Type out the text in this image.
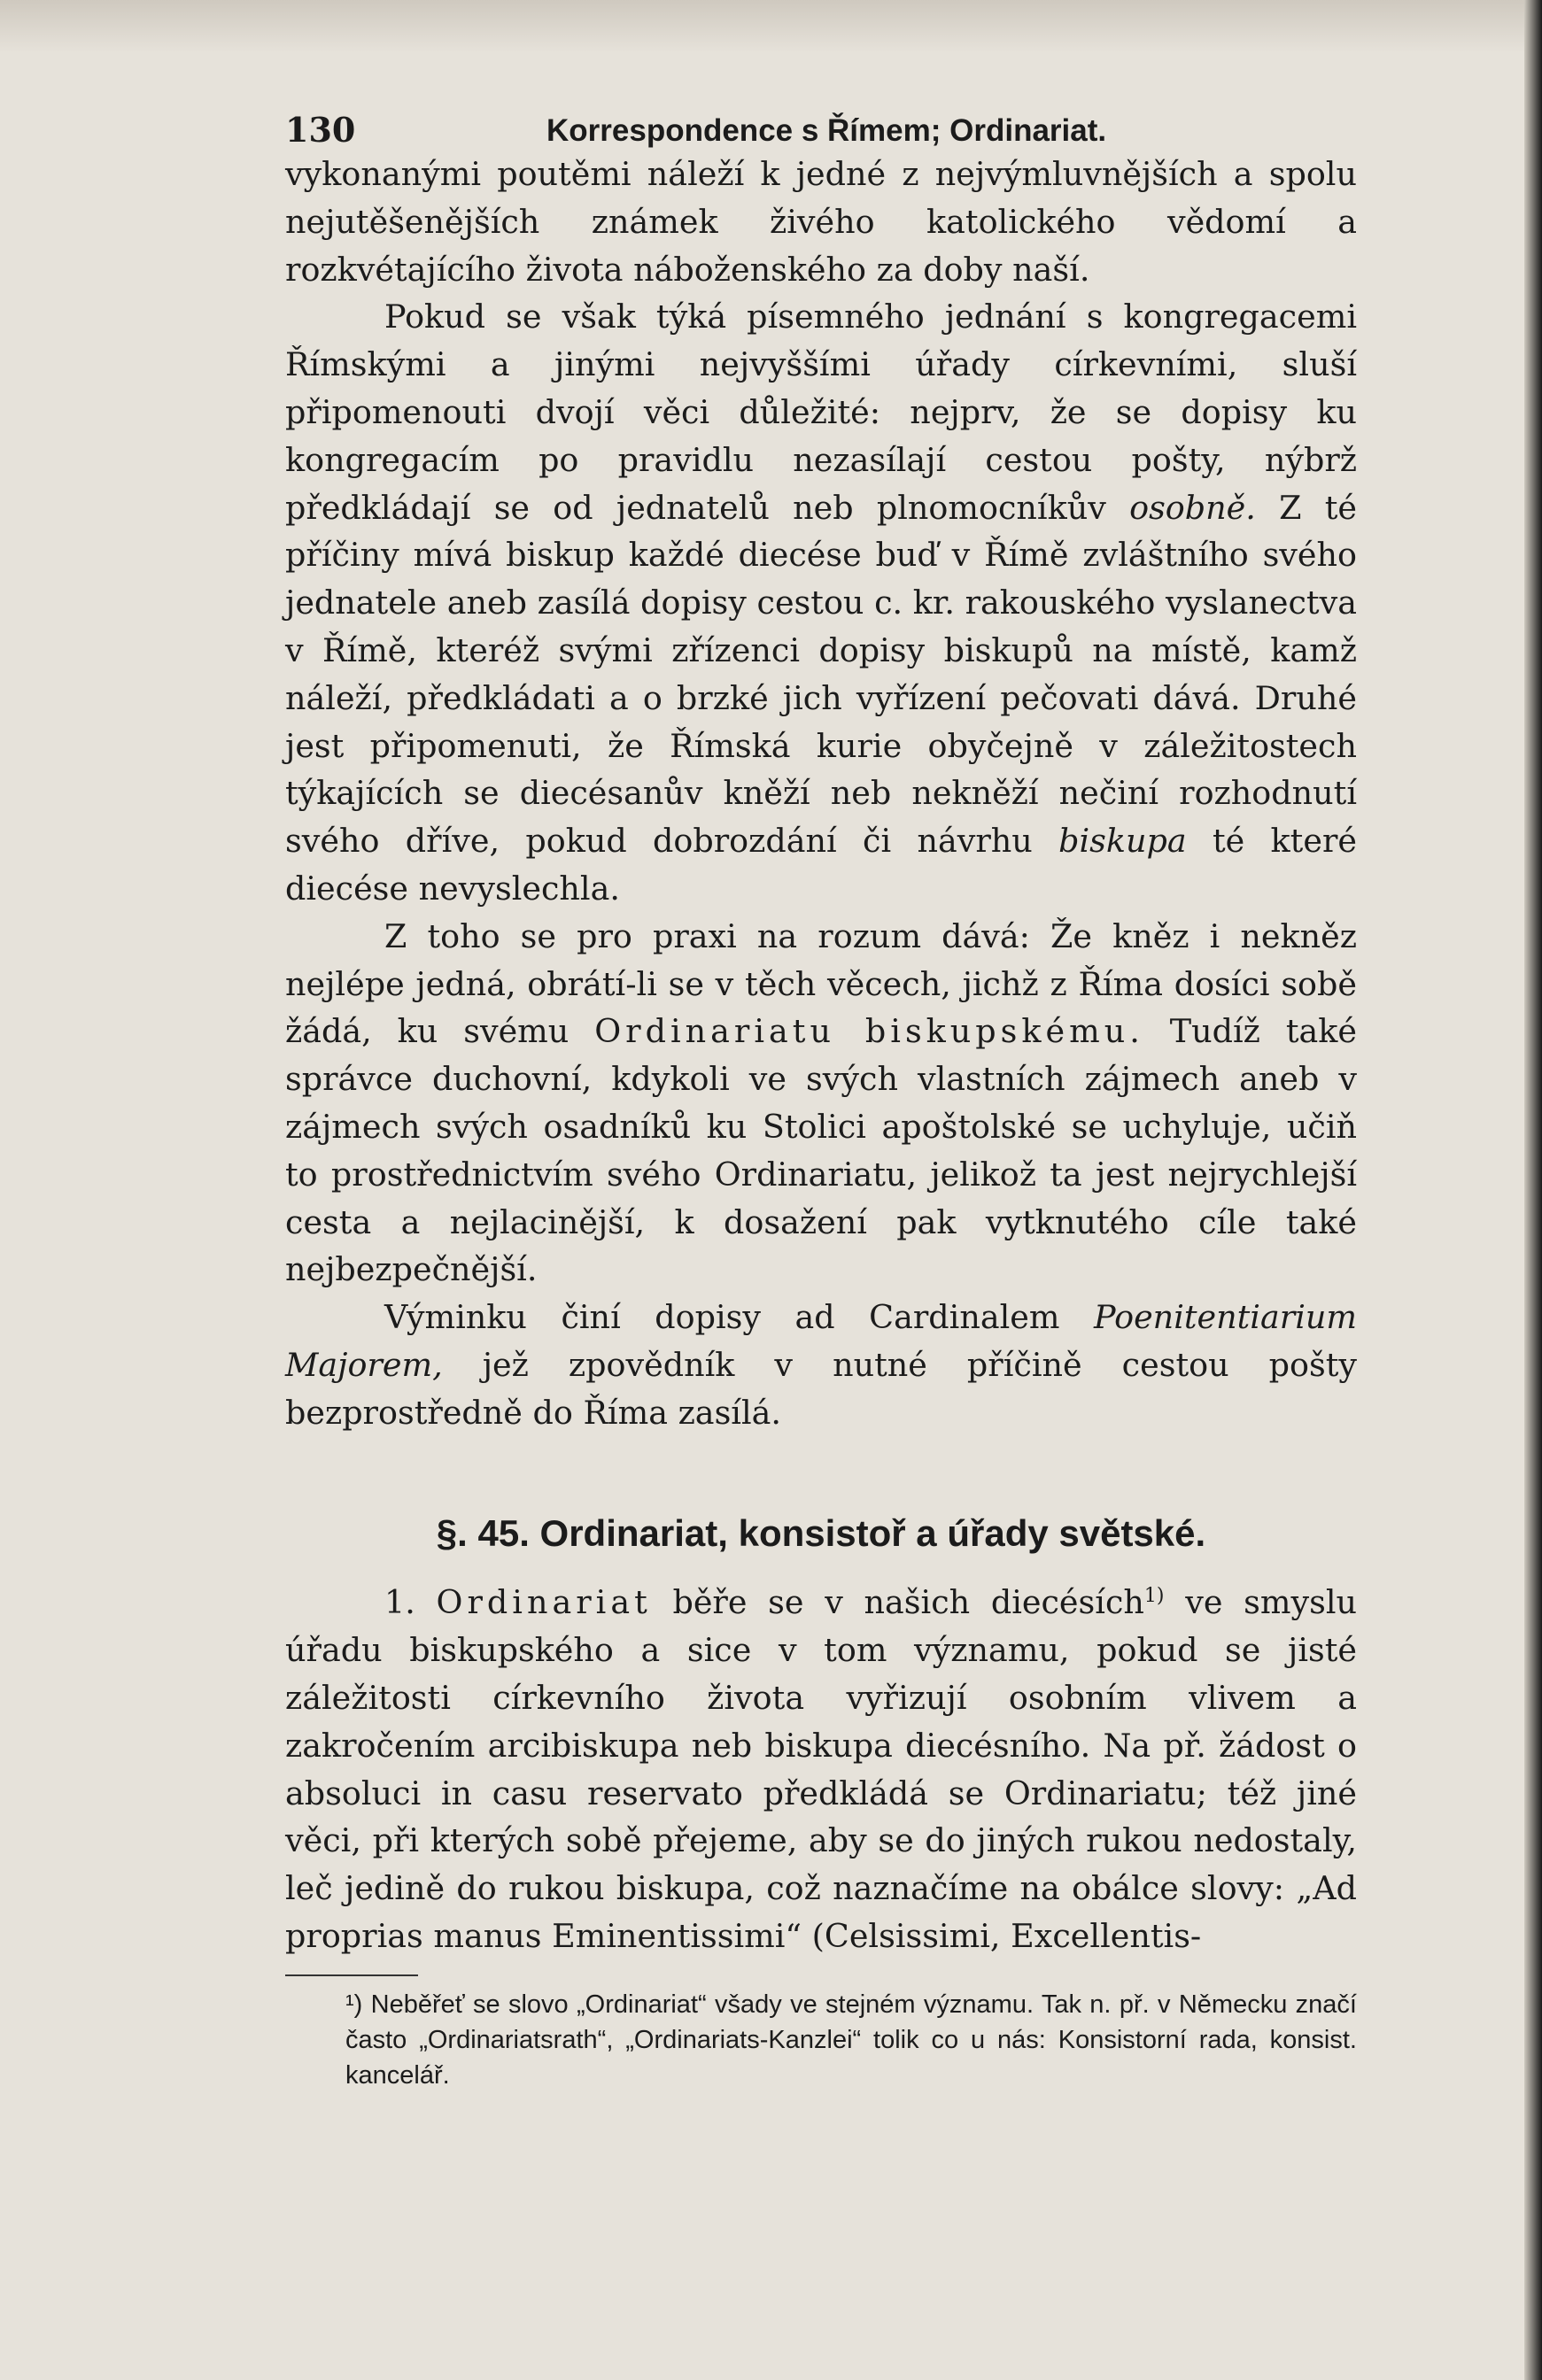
130	Korrespondence s Římem; Ordinariat.

vykonanými poutěmi náleží k jedné z nejvýmluvnějších a spolu nejutěšenějších známek živého katolického vědomí a rozkvétajícího života náboženského za doby naší.

Pokud se však týká písemného jednání s kongregacemi Římskými a jinými nejvyššími úřady církevními, sluší připomenouti dvojí věci důležité: nejprv, že se dopisy ku kongregacím po pravidlu nezasílají cestou pošty, nýbrž předkládají se od jednatelů neb plnomocníkův osobně. Z té příčiny mívá biskup každé diecése buď v Římě zvláštního svého jednatele aneb zasílá dopisy cestou c. kr. rakouského vyslanectva v Římě, kteréž svými zřízenci dopisy biskupů na místě, kamž náleží, předkládati a o brzké jich vyřízení pečovati dává. Druhé jest připomenuti, že Římská kurie obyčejně v záležitostech týkajících se diecésanův kněží neb nekněží nečiní rozhodnutí svého dříve, pokud dobrozdání či návrhu biskupa té které diecése nevyslechla.

Z toho se pro praxi na rozum dává: Že kněz i nekněz nejlépe jedná, obrátí-li se v těch věcech, jichž z Říma dosíci sobě žádá, ku svému Ordinariatu biskupskému. Tudíž také správce duchovní, kdykoli ve svých vlastních zájmech aneb v zájmech svých osadníků ku Stolici apoštolské se uchyluje, učiň to prostřednictvím svého Ordinariatu, jelikož ta jest nejrychlejší cesta a nejlacinější, k dosažení pak vytknutého cíle také nejbezpečnější.

Výminku činí dopisy ad Cardinalem Poenitentiarium Majorem, jež zpovědník v nutné příčině cestou pošty bezprostředně do Říma zasílá.

§. 45. Ordinariat, konsistoř a úřady světské.

1. Ordinariat běře se v našich diecésích$^{1)}$ ve smyslu úřadu biskupského a sice v tom významu, pokud se jisté záležitosti církevního života vyřizují osobním vlivem a zakročením arcibiskupa neb biskupa diecésního. Na př. žádost o absoluci in casu reservato předkládá se Ordinariatu; též jiné věci, při kterých sobě přejeme, aby se do jiných rukou nedostaly, leč jedině do rukou biskupa, což naznačíme na obálce slovy: „Ad proprias manus Eminentissimi“ (Celsissimi, Excellentis-

¹) Neběřeť se slovo „Ordinariat“ všady ve stejném významu. Tak n. př. v Německu značí často „Ordinariatsrath“, „Ordinariats-Kanzlei“ tolik co u nás: Konsistorní rada, konsist. kancelář.
